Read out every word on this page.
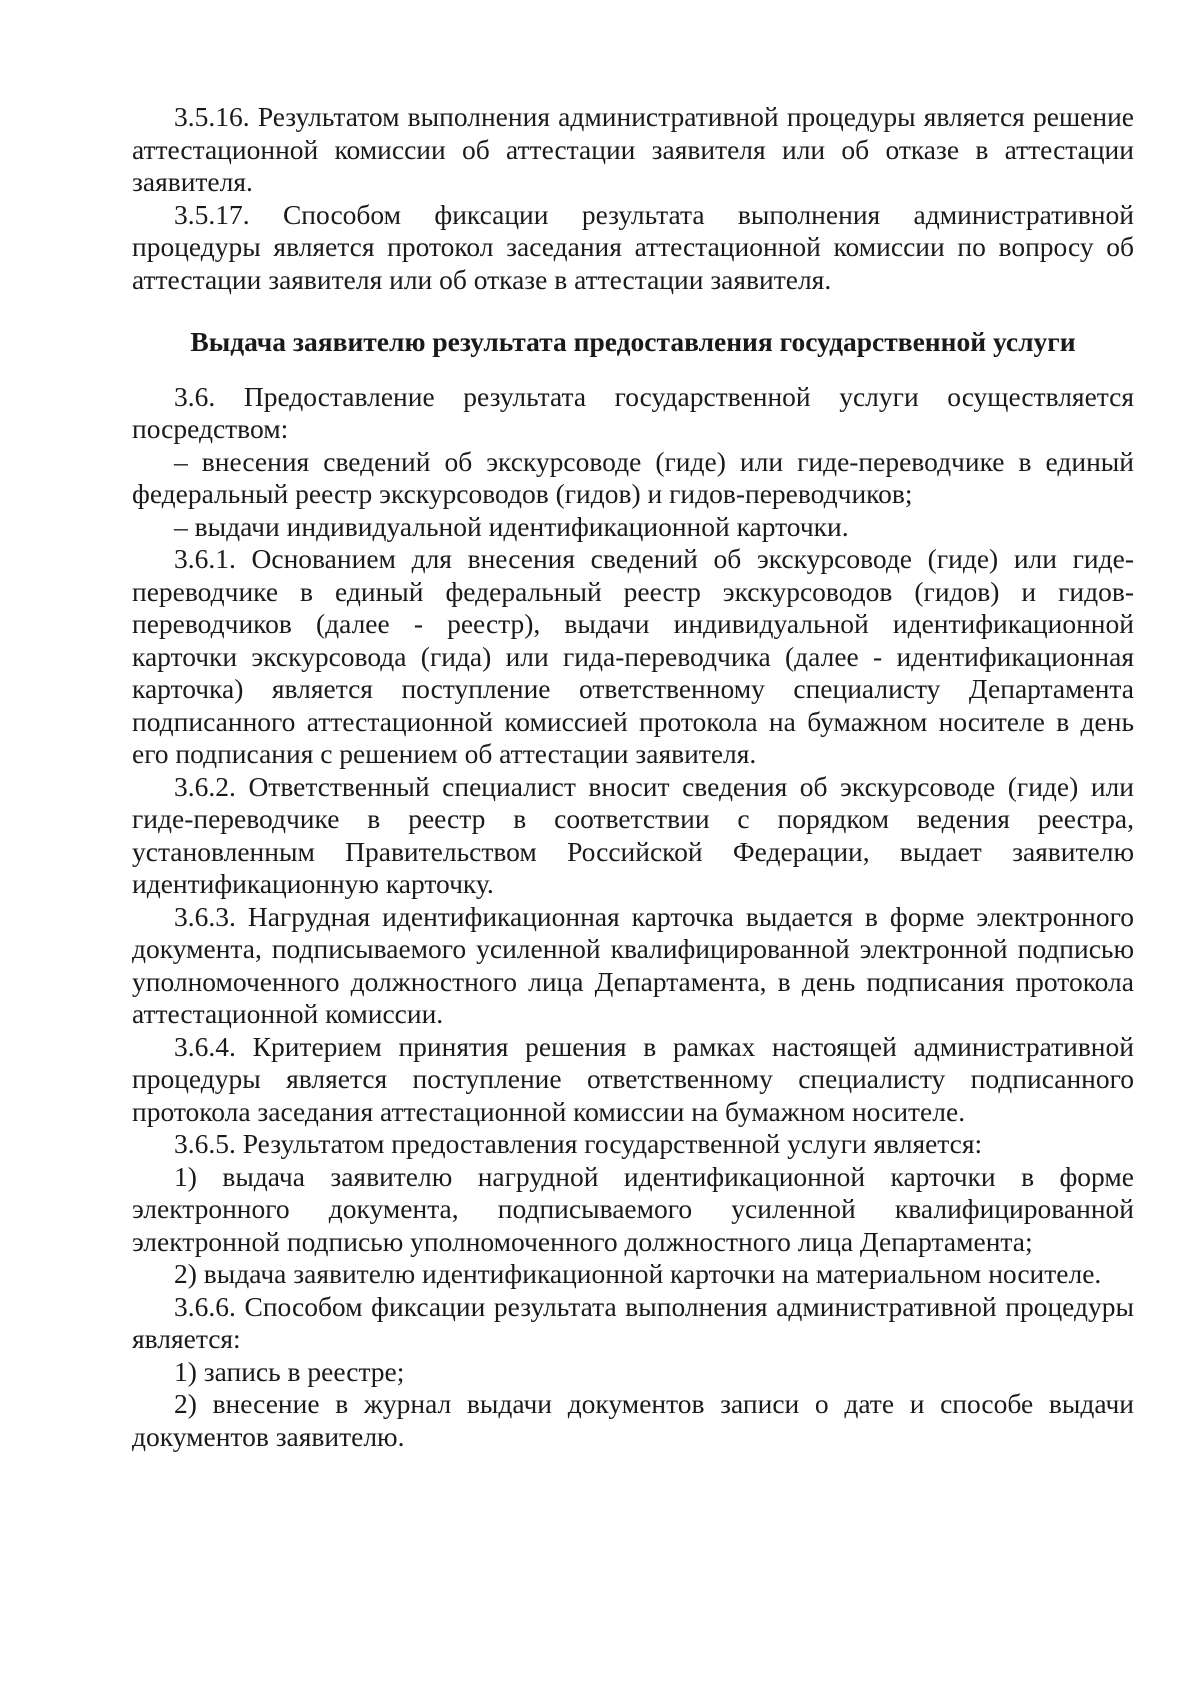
3.5.16. Результатом выполнения административной процедуры является решение аттестационной комиссии об аттестации заявителя или об отказе в аттестации заявителя.

3.5.17. Способом фиксации результата выполнения административной процедуры является протокол заседания аттестационной комиссии по вопросу об аттестации заявителя или об отказе в аттестации заявителя.

Выдача заявителю результата предоставления государственной услуги

3.6. Предоставление результата государственной услуги осуществляется посредством:

– внесения сведений об экскурсоводе (гиде) или гиде-переводчике в единый федеральный реестр экскурсоводов (гидов) и гидов-переводчиков;

– выдачи индивидуальной идентификационной карточки.

3.6.1. Основанием для внесения сведений об экскурсоводе (гиде) или гиде-переводчике в единый федеральный реестр экскурсоводов (гидов) и гидов-переводчиков (далее - реестр), выдачи индивидуальной идентификационной карточки экскурсовода (гида) или гида-переводчика (далее - идентификационная карточка) является поступление ответственному специалисту Департамента подписанного аттестационной комиссией протокола на бумажном носителе в день его подписания с решением об аттестации заявителя.

3.6.2. Ответственный специалист вносит сведения об экскурсоводе (гиде) или гиде-переводчике в реестр в соответствии с порядком ведения реестра, установленным Правительством Российской Федерации, выдает заявителю идентификационную карточку.

3.6.3. Нагрудная идентификационная карточка выдается в форме электронного документа, подписываемого усиленной квалифицированной электронной подписью уполномоченного должностного лица Департамента, в день подписания протокола аттестационной комиссии.

3.6.4. Критерием принятия решения в рамках настоящей административной процедуры является поступление ответственному специалисту подписанного протокола заседания аттестационной комиссии на бумажном носителе.

3.6.5. Результатом предоставления государственной услуги является:

1) выдача заявителю нагрудной идентификационной карточки в форме электронного документа, подписываемого усиленной квалифицированной электронной подписью уполномоченного должностного лица Департамента;

2) выдача заявителю идентификационной карточки на материальном носителе.

3.6.6. Способом фиксации результата выполнения административной процедуры является:

1) запись в реестре;

2) внесение в журнал выдачи документов записи о дате и способе выдачи документов заявителю.
